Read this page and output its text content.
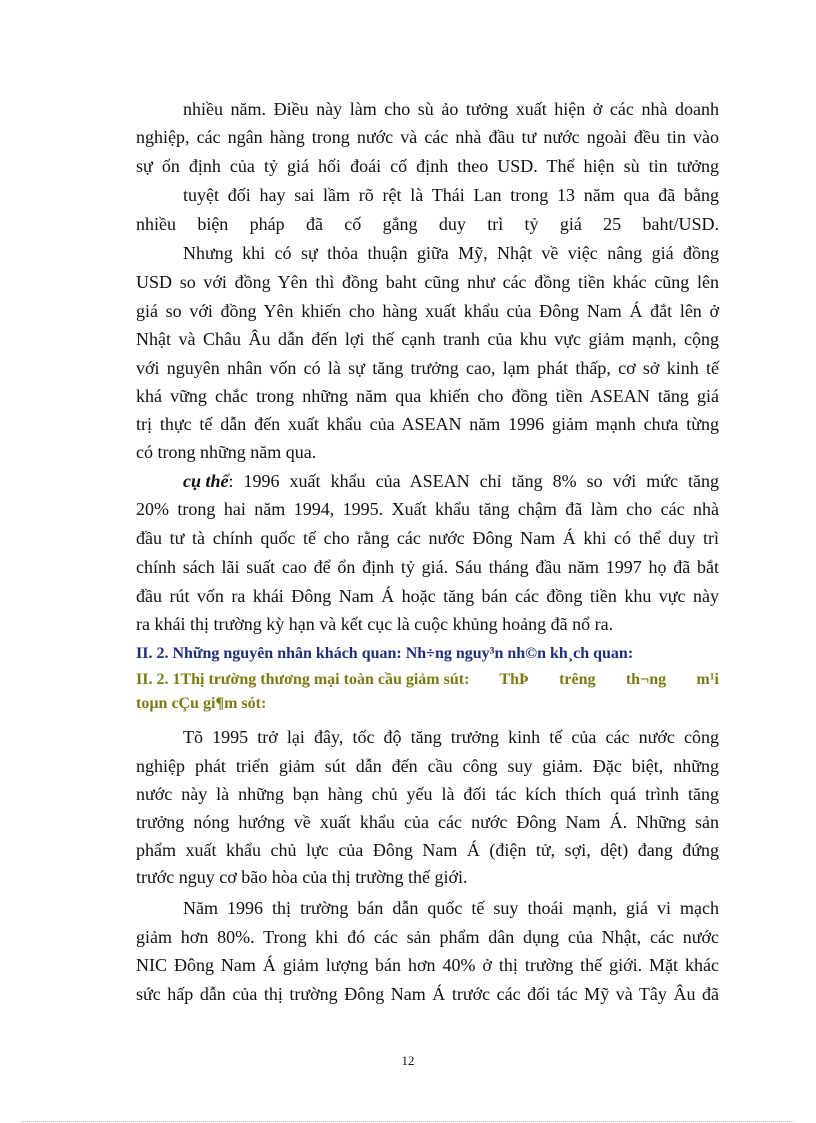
nhiều năm. Điều này làm cho sù ảo tưởng xuất hiện ở các nhà doanh
nghiệp, các ngân hàng trong nước và các nhà đầu tư nước ngoài đều tin vào
sự ổn định của tỷ giá hối đoái cố định theo USD. Thể hiện sù tin tưởng
tuyệt đối hay sai lầm rõ rệt là Thái Lan trong 13 năm qua đã bằng
nhiều biện pháp đã cố gắng duy trì tỷ giá 25 baht/USD.
Nhưng khi có sự thỏa thuận giữa Mỹ, Nhật về việc nâng giá đồng
USD so với đồng Yên thì đồng baht cũng như các đồng tiền khác cũng lên
giá so với đồng Yên khiến cho hàng xuất khẩu của Đông Nam Á đắt lên ở
Nhật và Châu Âu dẫn đến lợi thế cạnh tranh của khu vực giảm mạnh, cộng
với nguyên nhân vốn có là sự tăng trưởng cao, lạm phát thấp, cơ sở kinh tế
khá vững chắc trong những năm qua khiến cho đồng tiền ASEAN tăng giá
trị thực tế dẫn đến xuất khẩu của ASEAN năm 1996 giảm mạnh chưa từng
có trong những năm qua.
cụ thể : 1996 xuất khẩu của ASEAN chỉ tăng 8% so với mức tăng
20% trong hai năm 1994, 1995. Xuất khẩu tăng chậm đã làm cho các nhà
đầu tư tà chính quốc tế cho rằng các nước Đông Nam Á khi có thể duy trì
chính sách lãi suất cao để ổn định tỷ giá. Sáu tháng đầu năm 1997 họ đã bắt
đầu rút vốn ra khái Đông Nam Á hoặc tăng bán các đồng tiền khu vực này
ra khái thị trường kỳ hạn và kết cục là cuộc khủng hoảng đã nổ ra.
II. 2. Những nguyên nhân khách quan: Nh÷ng nguy³n nh©n kh¸ch quan:
II. 2. 1Thị trường thương mại toàn cầu giảm sút: ThÞ trêng th¬ng m¹i
toµn cÇu gi¶m sót:
Tõ 1995 trở lại đây, tốc độ tăng trưởng kinh tế của các nước công
nghiệp phát triển giảm sút dẫn đến cầu công suy giảm. Đặc biệt, những
nước này là những bạn hàng chủ yếu là đối tác kích thích quá trình tăng
trưởng nóng hướng về xuất khẩu của các nước Đông Nam Á. Những sản
phẩm xuất khẩu chủ lực của Đông Nam Á (điện tử, sợi, dệt) đang đứng
trước nguy cơ bão hòa của thị trường thế giới.
Năm 1996 thị trường bán dẫn quốc tế suy thoái mạnh, giá vi mạch
giảm hơn 80%. Trong khi đó các sản phẩm dân dụng của Nhật, các nước
NIC Đông Nam Á giảm lượng bán hơn 40% ở thị trường thế giới. Mặt khác
sức hấp dẫn của thị trường Đông Nam Á trước các đối tác Mỹ và Tây Âu đã
12
